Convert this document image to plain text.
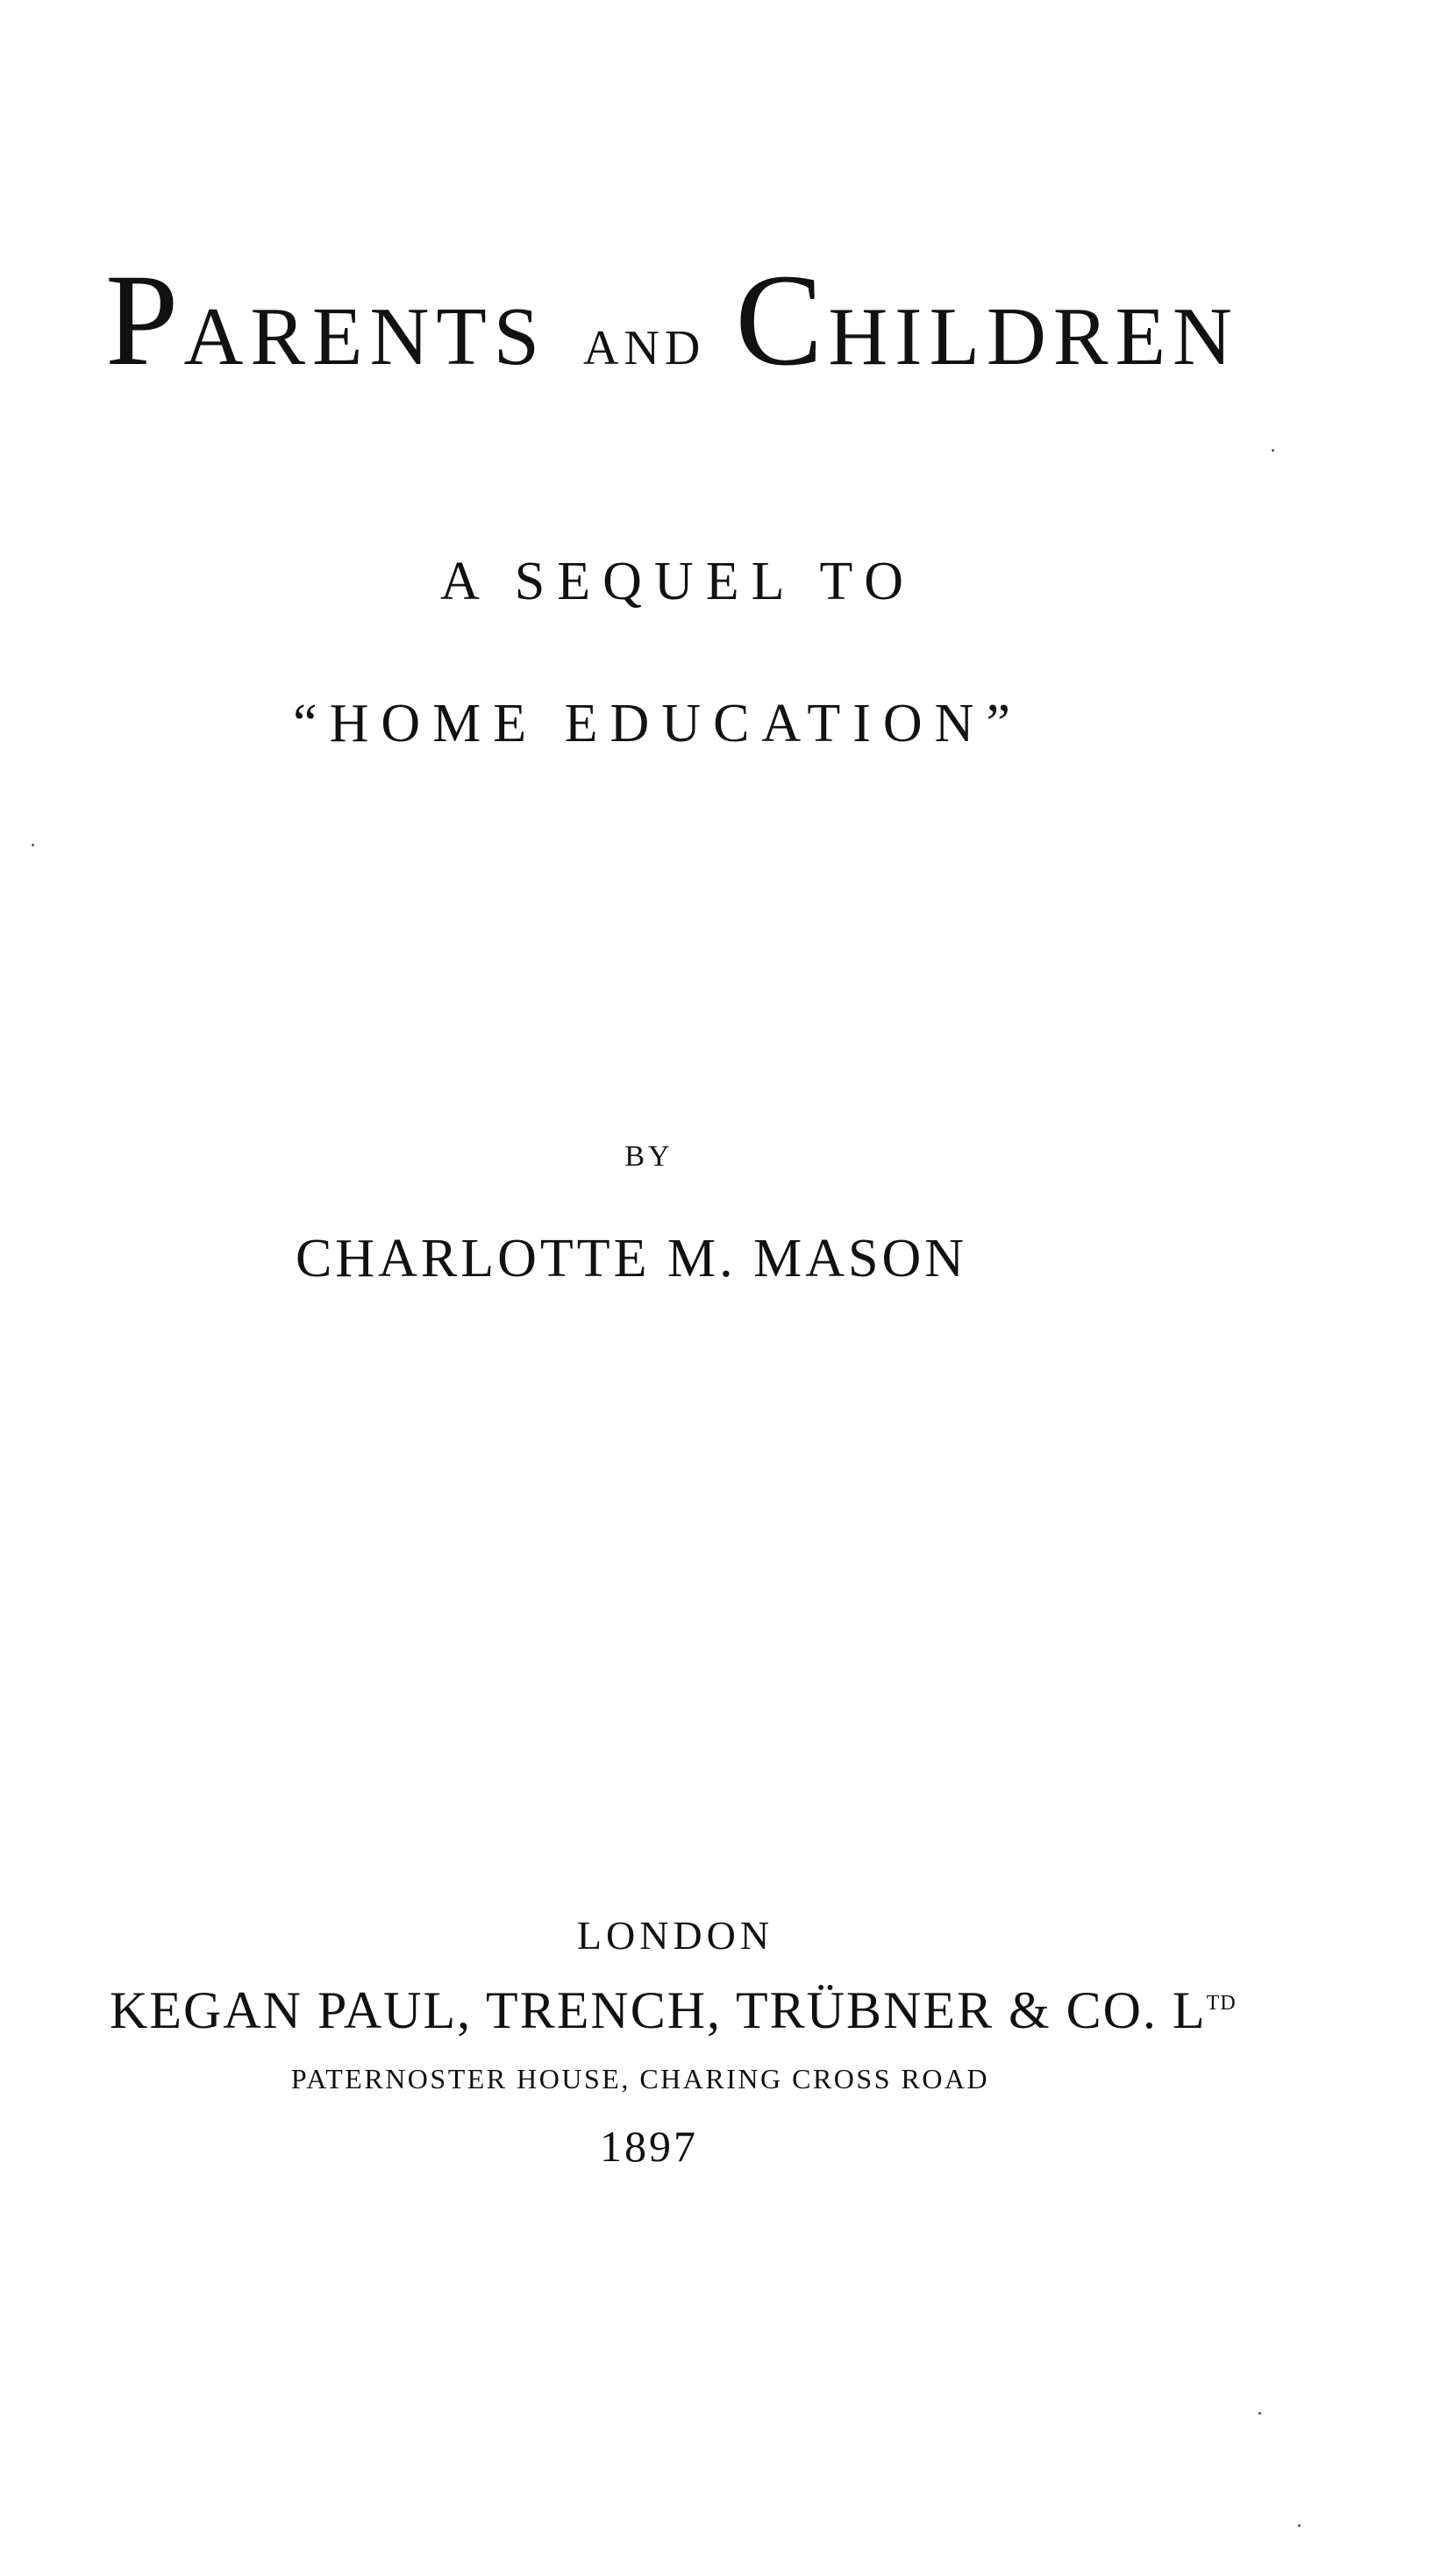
PARENTS AND CHILDREN
A SEQUEL TO
“HOME EDUCATION”
BY
CHARLOTTE M. MASON
LONDON
KEGAN PAUL, TRENCH, TRÜBNER & CO. $L^{TD}$
PATERNOSTER HOUSE, CHARING CROSS ROAD
1897
